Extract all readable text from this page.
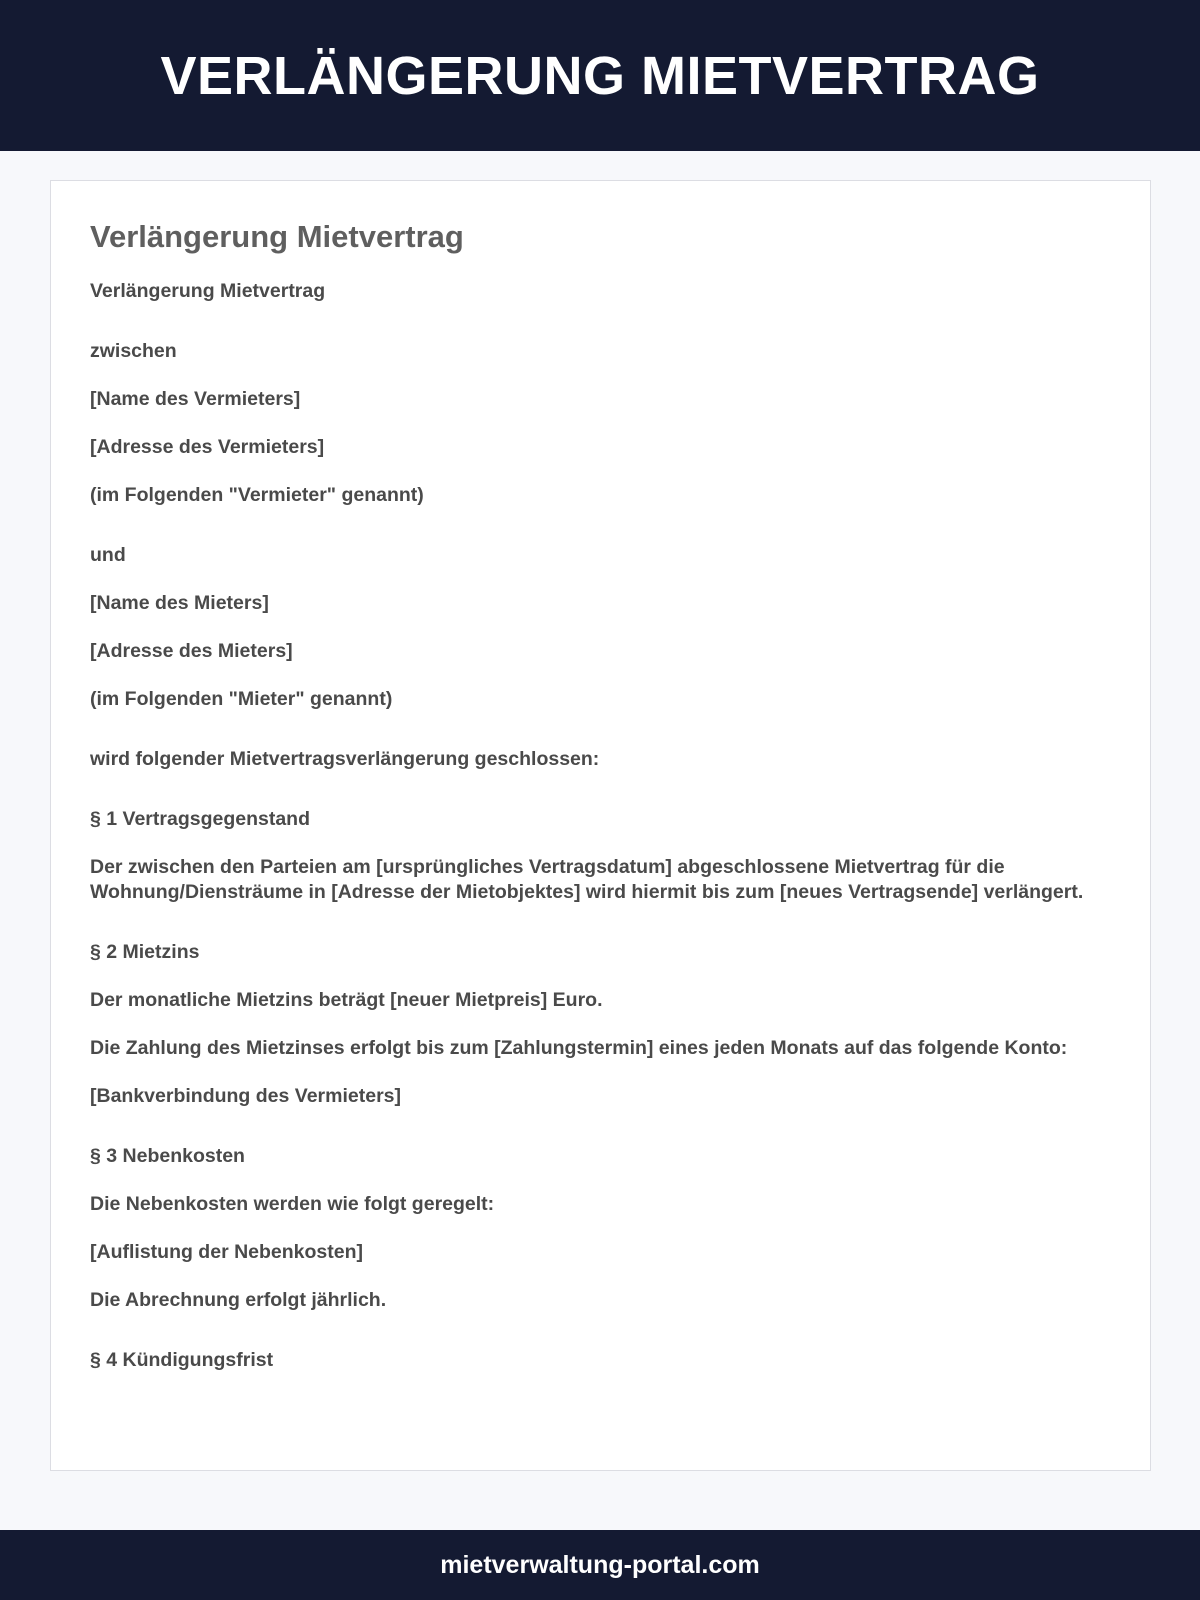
VERLÄNGERUNG MIETVERTRAG
Verlängerung Mietvertrag

Verlängerung Mietvertrag

zwischen

[Name des Vermieters]

[Adresse des Vermieters]

(im Folgenden "Vermieter" genannt)

und

[Name des Mieters]

[Adresse des Mieters]

(im Folgenden "Mieter" genannt)

wird folgender Mietvertragsverlängerung geschlossen:

§ 1 Vertragsgegenstand

Der zwischen den Parteien am [ursprüngliches Vertragsdatum] abgeschlossene Mietvertrag für die Wohnung/Diensträume in [Adresse der Mietobjektes] wird hiermit bis zum [neues Vertragsende] verlängert.

§ 2 Mietzins

Der monatliche Mietzins beträgt [neuer Mietpreis] Euro.

Die Zahlung des Mietzinses erfolgt bis zum [Zahlungstermin] eines jeden Monats auf das folgende Konto:

[Bankverbindung des Vermieters]

§ 3 Nebenkosten

Die Nebenkosten werden wie folgt geregelt:

[Auflistung der Nebenkosten]

Die Abrechnung erfolgt jährlich.

§ 4 Kündigungsfrist

mietverwaltung-portal.com
